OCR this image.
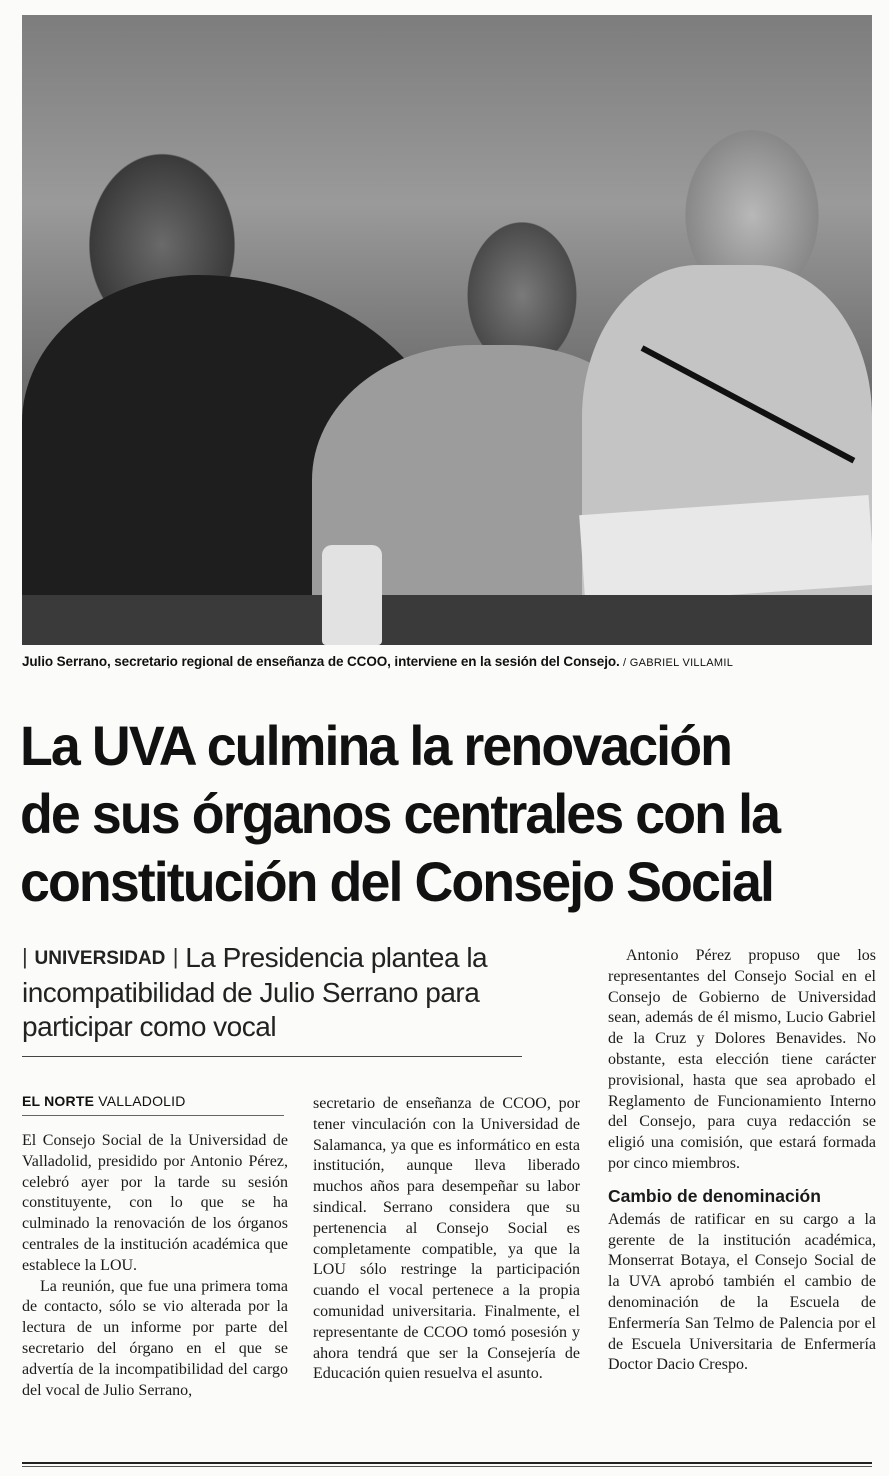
Julio Serrano, secretario regional de enseñanza de CCOO, interviene en la sesión del Consejo. / GABRIEL VILLAMIL
La UVA culmina la renovación
de sus órganos centrales con la
constitución del Consejo Social
| UNIVERSIDAD | La Presidencia plantea la incompatibilidad de Julio Serrano para participar como vocal
EL NORTE VALLADOLID

El Consejo Social de la Universidad de Valladolid, presidido por Antonio Pérez, celebró ayer por la tarde su sesión constituyente, con lo que se ha culminado la renovación de los órganos centrales de la institución académica que establece la LOU.

La reunión, que fue una primera toma de contacto, sólo se vio alterada por la lectura de un informe por parte del secretario del órgano en el que se advertía de la incompatibilidad del cargo del vocal de Julio Serrano,

secretario de enseñanza de CCOO, por tener vinculación con la Universidad de Salamanca, ya que es informático en esta institución, aunque lleva liberado muchos años para desempeñar su labor sindical. Serrano considera que su pertenencia al Consejo Social es completamente compatible, ya que la LOU sólo restringe la participación cuando el vocal pertenece a la propia comunidad universitaria. Finalmente, el representante de CCOO tomó posesión y ahora tendrá que ser la Consejería de Educación quien resuelva el asunto.

Antonio Pérez propuso que los representantes del Consejo Social en el Consejo de Gobierno de Universidad sean, además de él mismo, Lucio Gabriel de la Cruz y Dolores Benavides. No obstante, esta elección tiene carácter provisional, hasta que sea aprobado el Reglamento de Funcionamiento Interno del Consejo, para cuya redacción se eligió una comisión, que estará formada por cinco miembros.

Cambio de denominación

Además de ratificar en su cargo a la gerente de la institución académica, Monserrat Botaya, el Consejo Social de la UVA aprobó también el cambio de denominación de la Escuela de Enfermería San Telmo de Palencia por el de Escuela Universitaria de Enfermería Doctor Dacio Crespo.
